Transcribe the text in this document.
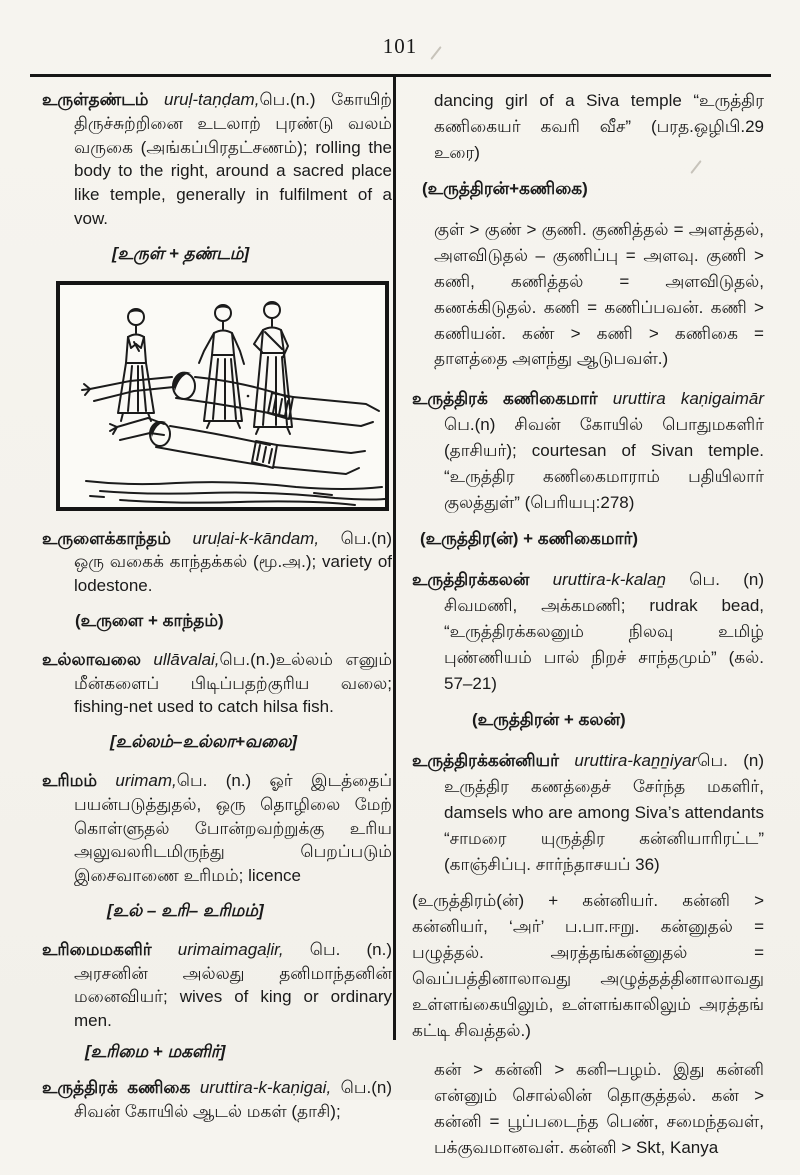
101

உருள்தண்டம் uruḷ-taṇḍam,பெ.(n.) கோயிற் திருச்சுற்றினை உடலாற் புரண்டு வலம் வருகை (அங்கப்பிரதட்சணம்); rolling the body to the right, around a sacred place like temple, generally in fulfilment of a vow.

[உருள் + தண்டம்]

உருளைக்காந்தம் uruḷai-k-kāndam, பெ.(n) ஒரு வகைக் காந்தக்கல் (மூ.அ.); variety of lodestone.

(உருளை + காந்தம்)

உல்லாவலை ullāvalai,பெ.(n.)உல்லம் எனும் மீன்களைப் பிடிப்பதற்குரிய வலை; fishing-net used to catch hilsa fish.

[உல்லம்–உல்லா+வலை]

உரிமம் urimam,பெ. (n.) ஓர் இடத்தைப் பயன்படுத்துதல், ஒரு தொழிலை மேற் கொள்ளுதல் போன்றவற்றுக்கு உரிய அலுவலரிடமிருந்து பெறப்படும் இசைவாணை உரிமம்; licence

[உல் – உரி– உரிமம்]

உரிமைமகளிர் urimaimagaḷir, பெ. (n.) அரசனின் அல்லது தனிமாந்தனின் மனைவியர்; wives of king or ordinary men.

[உரிமை + மகளிர்]

உருத்திரக் கணிகை uruttira-k-kaṇigai, பெ.(n) சிவன் கோயில் ஆடல் மகள் (தாசி);

dancing girl of a Siva temple “உருத்திர கணிகையர் கவரி வீச” (பரத.ஒழிபி.29 உரை)

(உருத்திரன்+கணிகை)

குள் > குண் > குணி. குணித்தல் = அளத்தல், அளவிடுதல் – குணிப்பு = அளவு. குணி > கணி, கணித்தல் = அளவிடுதல், கணக்கிடுதல். கணி = கணிப்பவன். கணி > கணியன். கண் > கணி > கணிகை = தாளத்தை அளந்து ஆடுபவள்.)

உருத்திரக் கணிகைமார் uruttira kaṇigaimār பெ.(n) சிவன் கோயில் பொதுமகளிர் (தாசியர்); courtesan of Sivan temple. “உருத்திர கணிகைமாராம் பதியிலார் குலத்துள்” (பெரியபு:278)

(உருத்திர(ன்) + கணிகைமார்)

உருத்திரக்கலன் uruttira-k-kalaṉ பெ. (n) சிவமணி, அக்கமணி; rudrak bead, “உருத்திரக்கலனும் நிலவு உமிழ் புண்ணியம் பால் நிறச் சாந்தமும்” (கல். 57–21)

(உருத்திரன் + கலன்)

உருத்திரக்கன்னியர் uruttira-kaṉṉiyarபெ. (n) உருத்திர கணத்தைச் சேர்ந்த மகளிர், damsels who are among Siva’s attendants “சாமரை யுருத்திர கன்னியாரிரட்ட” (காஞ்சிப்பு. சார்ந்தாசயப் 36)

(உருத்திரம்(ன்) + கன்னியர். கன்னி > கன்னியர், ‘அர்’ ப.பா.ஈறு. கன்னுதல் = பழுத்தல். அரத்தங்கன்னுதல் = வெப்பத்தினாலாவது அழுத்தத்தினாலாவது உள்ளங்கையிலும், உள்ளங்காலிலும் அரத்தங் கட்டி சிவத்தல்.)

கன் > கன்னி > கனி–பழம். இது கன்னி என்னும் சொல்லின் தொகுத்தல். கன் > கன்னி = பூப்படைந்த பெண், சமைந்தவள், பக்குவமானவள். கன்னி > Skt, Kanya
